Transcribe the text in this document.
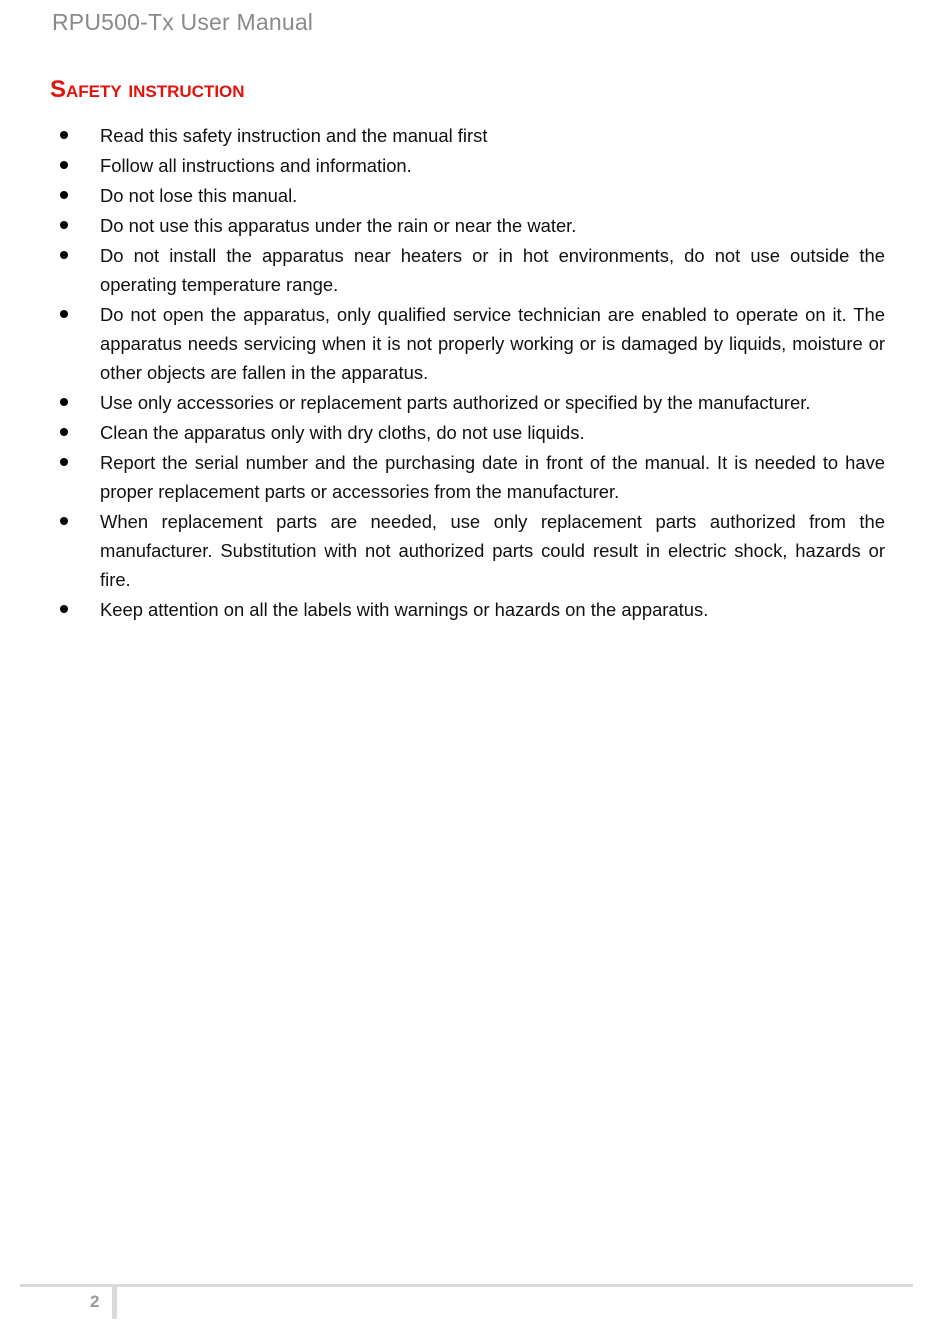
RPU500-Tx User Manual
Safety instruction
Read this safety instruction and the manual first
Follow all instructions and information.
Do not lose this manual.
Do not use this apparatus under the rain or near the water.
Do not install the apparatus near heaters or in hot environments, do not use outside the operating temperature range.
Do not open the apparatus, only qualified service technician are enabled to operate on it. The apparatus needs servicing when it is not properly working or is damaged by liquids, moisture or other objects are fallen in the apparatus.
Use only accessories or replacement parts authorized or specified by the manufacturer.
Clean the apparatus only with dry cloths, do not use liquids.
Report the serial number and the purchasing date in front of the manual. It is needed to have proper replacement parts or accessories from the manufacturer.
When replacement parts are needed, use only replacement parts authorized from the manufacturer. Substitution with not authorized parts could result in electric shock, hazards or fire.
Keep attention on all the labels with warnings or hazards on the apparatus.
2
